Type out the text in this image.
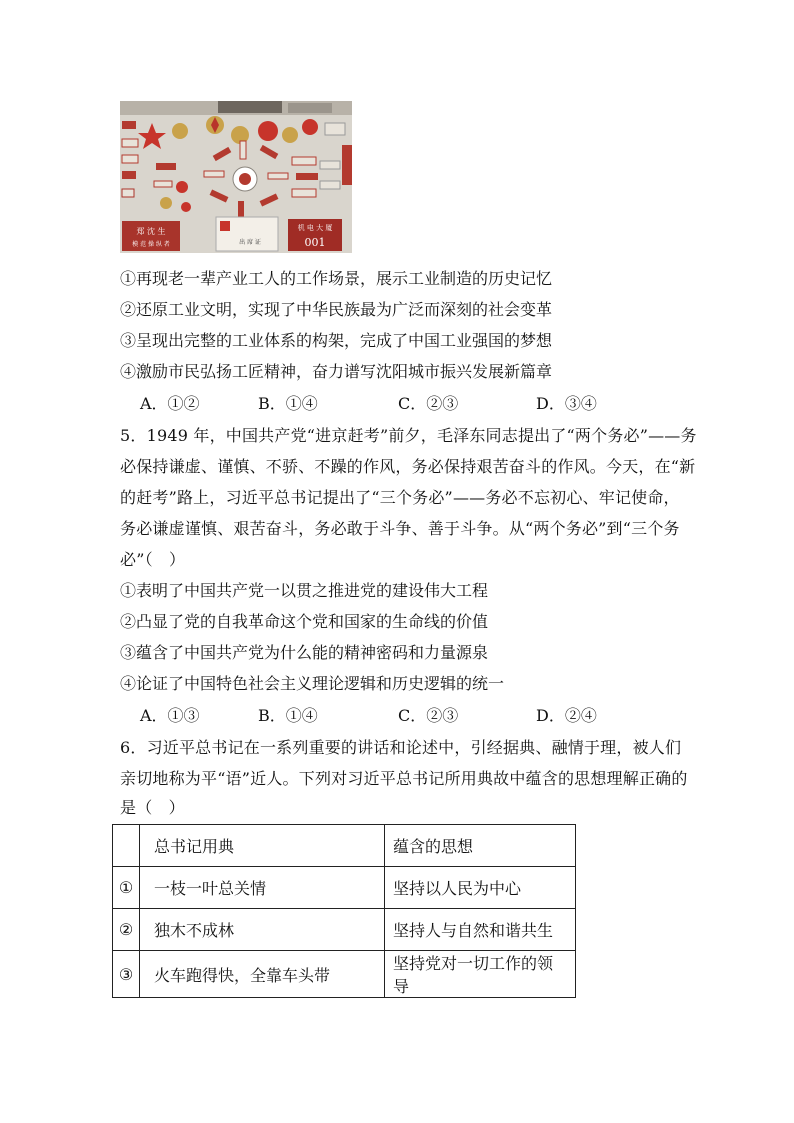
郑 沈 生
模 范 操 纵 者	出 席 证
机 电 大 厦
001
①再现老一辈产业工人的工作场景，展示工业制造的历史记忆
②还原工业文明，实现了中华民族最为广泛而深刻的社会变革
③呈现出完整的工业体系的构架，完成了中国工业强国的梦想
④激励市民弘扬工匠精神，奋力谱写沈阳城市振兴发展新篇章
A．①②	B．①④	C．②③	D．③④
5．1949 年，中国共产党“进京赶考”前夕，毛泽东同志提出了“两个务必”——务
必保持谦虚、谨慎、不骄、不躁的作风，务必保持艰苦奋斗的作风。今天，在“新
的赶考”路上，习近平总书记提出了“三个务必”——务必不忘初心、牢记使命，
务必谦虚谨慎、艰苦奋斗，务必敢于斗争、善于斗争。从“两个务必”到“三个务
必”（　）
①表明了中国共产党一以贯之推进党的建设伟大工程
②凸显了党的自我革命这个党和国家的生命线的价值
③蕴含了中国共产党为什么能的精神密码和力量源泉
④论证了中国特色社会主义理论逻辑和历史逻辑的统一
A．①③	B．①④	C．②③	D．②④
6．习近平总书记在一系列重要的讲话和论述中，引经据典、融情于理，被人们
亲切地称为平“语”近人。下列对习近平总书记所用典故中蕴含的思想理解正确的
是（　）
	总书记用典	蕴含的思想
①	一枝一叶总关情	坚持以人民为中心
②	独木不成林	坚持人与自然和谐共生
③	火车跑得快，全靠车头带	坚持党对一切工作的领导
